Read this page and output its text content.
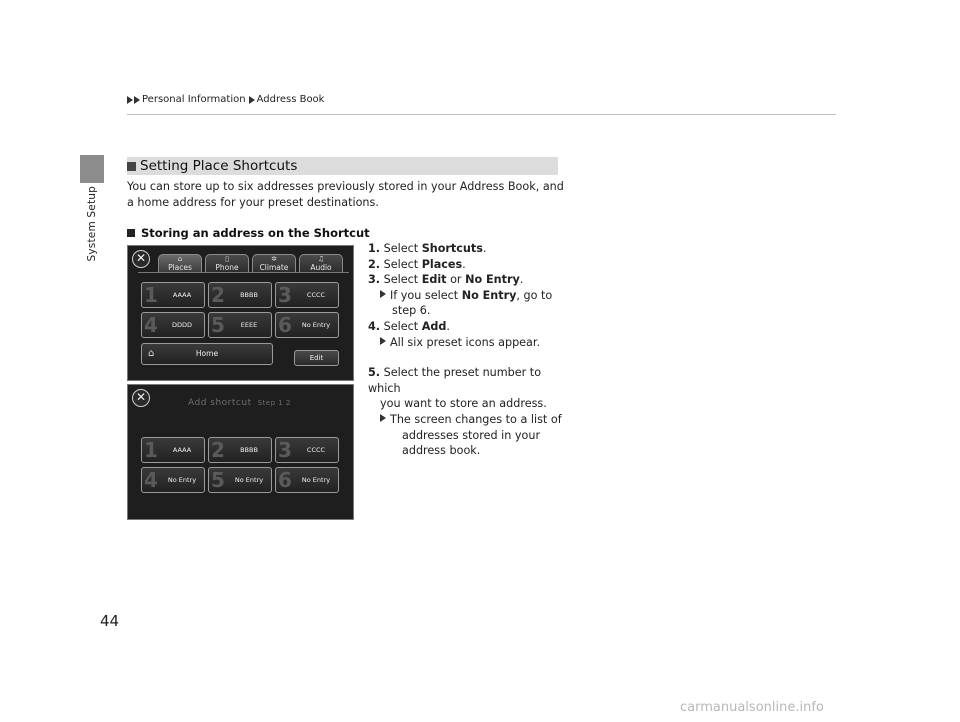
System Setup
Personal Information Address Book
Setting Place Shortcuts

You can store up to six addresses previously stored in your Address Book, and a home address for your preset destinations.

Storing an address on the Shortcut
✕	⌂
Places
▯
Phone
✲
Climate
♫
Audio
1	AAAA 2	BBBB	3	CCCC
4	DDDD 5	EEEE	6	No Entry
⌂	Home	Edit
✕	Add shortcut Step 1 2
1	AAAA 2	BBBB	3	CCCC
4	No Entry 5	No Entry 6	No Entry
1. Select Shortcuts.
2. Select Places.
3. Select Edit or No Entry.
If you select No Entry, go to
step 6.
4. Select Add.
All six preset icons appear.
5. Select the preset number to which
you want to store an address.
The screen changes to a list of
addresses stored in your
address book.
44
carmanualsonline.info
